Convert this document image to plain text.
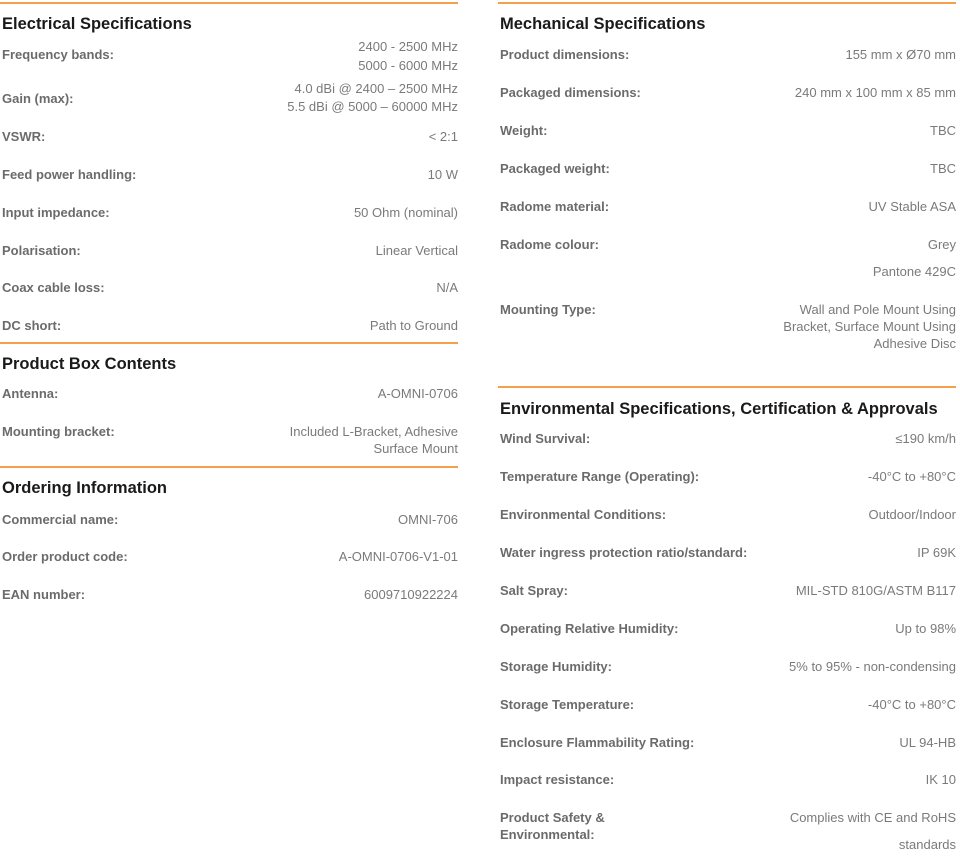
Electrical Specifications
Frequency bands:
2400 - 2500 MHz
5000 - 6000 MHz
Gain (max):
4.0 dBi @ 2400 – 2500 MHz
5.5 dBi @ 5000 – 60000 MHz
VSWR:	< 2:1
Feed power handling:	10 W
Input impedance:	50 Ohm (nominal)
Polarisation:	Linear Vertical
Coax cable loss:	N/A
DC short:	Path to Ground
Product Box Contents
Antenna:	A-OMNI-0706
Mounting bracket:	Included L-Bracket, Adhesive
Surface Mount
Ordering Information
Commercial name:	OMNI-706
Order product code:	A-OMNI-0706-V1-01
EAN number:	6009710922224
Mechanical Specifications
Product dimensions:	155 mm x Ø70 mm
Packaged dimensions:	240 mm x 100 mm x 85 mm
Weight:	TBC
Packaged weight:	TBC
Radome material:	UV Stable ASA
Radome colour:	Grey
Pantone 429C
Mounting Type:	Wall and Pole Mount Using
Bracket, Surface Mount Using
Adhesive Disc
Environmental Specifications, Certification & Approvals
Wind Survival:	≤190 km/h
Temperature Range (Operating):	-40°C to +80°C
Environmental Conditions:	Outdoor/Indoor
Water ingress protection ratio/standard:	IP 69K
Salt Spray:	MIL-STD 810G/ASTM B117
Operating Relative Humidity:	Up to 98%
Storage Humidity:	5% to 95% - non-condensing
Storage Temperature:	-40°C to +80°C
Enclosure Flammability Rating:	UL 94-HB
Impact resistance:	IK 10
Product Safety &
Environmental:
Complies with CE and RoHS
standards
